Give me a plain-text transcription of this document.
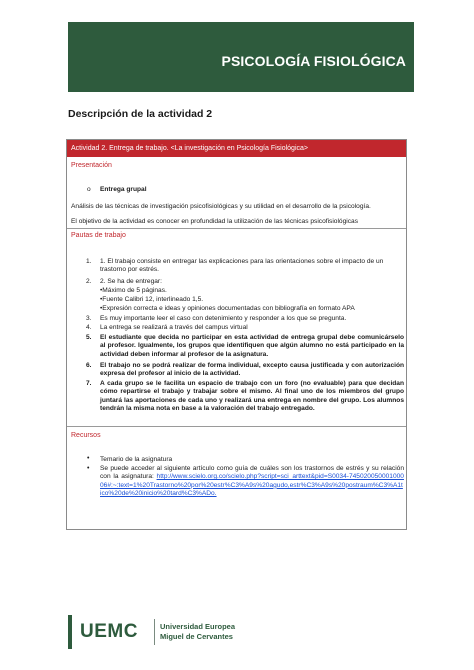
PSICOLOGÍA FISIOLÓGICA
Descripción de la actividad 2
Actividad 2. Entrega de trabajo. <La investigación en Psicología Fisiológica>
Presentación
o Entrega grupal
Análisis de las técnicas de investigación psicofisiológicas y su utilidad en el desarrollo de la psicología.
El objetivo de la actividad es conocer en profundidad la utilización de las técnicas psicofisiológicas
Pautas de trabajo
1. 1. El trabajo consiste en entregar las explicaciones para las orientaciones sobre el impacto de un trastorno por estrés.
2. 2. Se ha de entregar:
•Máximo de 5 páginas.
•Fuente Calibri 12, interlineado 1,5.
•Expresión correcta e ideas y opiniones documentadas con bibliografía en formato APA
3. Es muy importante leer el caso con detenimiento y responder a los que se pregunta.
4. La entrega se realizará a través del campus virtual
5. El estudiante que decida no participar en esta actividad de entrega grupal debe comunicárselo al profesor. Igualmente, los grupos que identifiquen que algún alumno no está participado en la actividad deben informar al profesor de la asignatura.
6. El trabajo no se podrá realizar de forma individual, excepto causa justificada y con autorización expresa del profesor al inicio de la actividad.
7. A cada grupo se le facilita un espacio de trabajo con un foro (no evaluable) para que decidan cómo repartirse el trabajo y trabajar sobre el mismo. Al final uno de los miembros del grupo juntará las aportaciones de cada uno y realizará una entrega en nombre del grupo. Los alumnos tendrán la misma nota en base a la valoración del trabajo entregado.
Recursos
• Temario de la asignatura
• Se puede acceder al siguiente artículo como guía de cuáles son los trastornos de estrés y su relación con la asignatura: http://www.scielo.org.co/scielo.php?script=sci_arttext&pid=S0034-74502005000100006#:~:text=1%20Trastorno%20por%20estr%C3%A9s%20agudo,estr%C3%A9s%20postraum%C3%A1tico%20de%20inicio%20tard%C3%ADo.
UEMC	Universidad Europea
Miguel de Cervantes
